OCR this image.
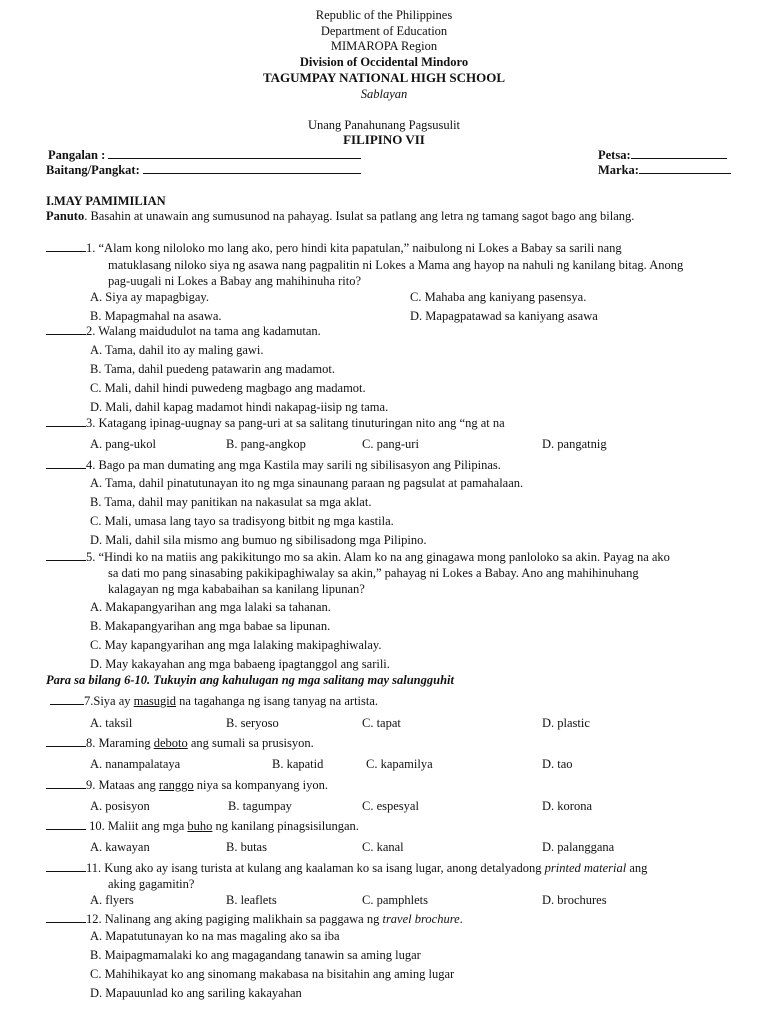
Republic of the Philippines
Department of Education
MIMAROPA Region
Division of Occidental Mindoro
TAGUMPAY NATIONAL HIGH SCHOOL
Sablayan
Unang Panahunang Pagsusulit
FILIPINO VII
Pangalan :	Petsa:
Baitang/Pangkat:	Marka:
I.MAY PAMIMILIAN
Panuto. Basahin at unawain ang sumusunod na pahayag. Isulat sa patlang ang letra ng tamang sagot bago ang bilang.
1. “Alam kong niloloko mo lang ako, pero hindi kita papatulan,” naibulong ni Lokes a Babay sa sarili nang
matuklasang niloko siya ng asawa nang pagpalitin ni Lokes a Mama ang hayop na nahuli ng kanilang bitag. Anong
pag-uugali ni Lokes a Babay ang mahihinuha rito?
A. Siya ay mapagbigay.	C. Mahaba ang kaniyang pasensya.
B. Mapagmahal na asawa.	D. Mapagpatawad sa kaniyang asawa
2. Walang maidudulot na tama ang kadamutan.
A. Tama, dahil ito ay maling gawi.
B. Tama, dahil puedeng patawarin ang madamot.
C. Mali, dahil hindi puwedeng magbago ang madamot.
D. Mali, dahil kapag madamot hindi nakapag-iisip ng tama.
3. Katagang ipinag-uugnay sa pang-uri at sa salitang tinuturingan nito ang “ng at na
A. pang-ukol	B. pang-angkop	C. pang-uri	D. pangatnig
4. Bago pa man dumating ang mga Kastila may sarili ng sibilisasyon ang Pilipinas.
A. Tama, dahil pinatutunayan ito ng mga sinaunang paraan ng pagsulat at pamahalaan.
B. Tama, dahil may panitikan na nakasulat sa mga aklat.
C. Mali, umasa lang tayo sa tradisyong bitbit ng mga kastila.
D. Mali, dahil sila mismo ang bumuo ng sibilisadong mga Pilipino.
5. “Hindi ko na matiis ang pakikitungo mo sa akin. Alam ko na ang ginagawa mong panloloko sa akin. Payag na ako
sa dati mo pang sinasabing pakikipaghiwalay sa akin,” pahayag ni Lokes a Babay. Ano ang mahihinuhang
kalagayan ng mga kababaihan sa kanilang lipunan?
A. Makapangyarihan ang mga lalaki sa tahanan.
B. Makapangyarihan ang mga babae sa lipunan.
C. May kapangyarihan ang mga lalaking makipaghiwalay.
D. May kakayahan ang mga babaeng ipagtanggol ang sarili.
Para sa bilang 6-10. Tukuyin ang kahulugan ng mga salitang may salungguhit
7.Siya ay masugid na tagahanga ng isang tanyag na artista.
A. taksil	B. seryoso	C. tapat	D. plastic
8. Maraming deboto ang sumali sa prusisyon.
A. nanampalataya	B. kapatid	C. kapamilya	D. tao
9. Mataas ang ranggo niya sa kompanyang iyon.
A. posisyon	B. tagumpay	C. espesyal	D. korona
10. Maliit ang mga buho ng kanilang pinagsisilungan.
A. kawayan	B. butas	C. kanal	D. palanggana
11. Kung ako ay isang turista at kulang ang kaalaman ko sa isang lugar, anong detalyadong printed material ang
aking gagamitin?
A. flyers	B. leaflets	C. pamphlets	D. brochures
12. Nalinang ang aking pagiging malikhain sa paggawa ng travel brochure.
A. Mapatutunayan ko na mas magaling ako sa iba
B. Maipagmamalaki ko ang magagandang tanawin sa aming lugar
C. Mahihikayat ko ang sinomang makabasa na bisitahin ang aming lugar
D. Mapauunlad ko ang sariling kakayahan
